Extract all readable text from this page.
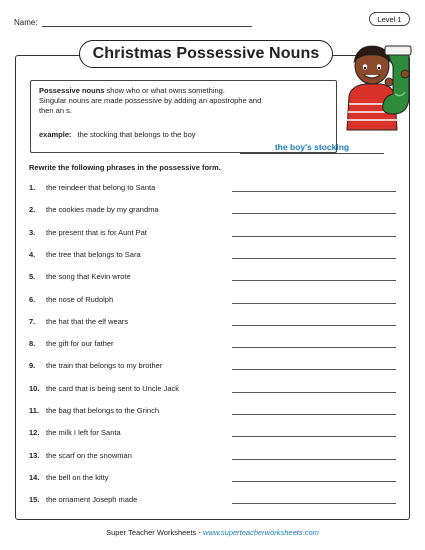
Name:	Level 1
Christmas Possessive Nouns
Possessive nouns show who or what owns something.
Singular nouns are made possessive by adding an apostrophe and
then an s.
example: the stocking that belongs to the boy
the boy's stocking
Rewrite the following phrases in the possessive form.
1. the reindeer that belong to Santa
2. the cookies made by my grandma
3. the present that is for Aunt Pat
4. the tree that belongs to Sara
5. the song that Kevin wrote
6. the nose of Rudolph
7. the hat that the elf wears
8. the gift for our father
9. the train that belongs to my brother
10. the card that is being sent to Uncle Jack
11. the bag that belongs to the Grinch
12. the milk I left for Santa
13. the scarf on the snowman
14. the bell on the kitty
15. the ornament Joseph made
Super Teacher Worksheets - www.superteacherworksheets.com
